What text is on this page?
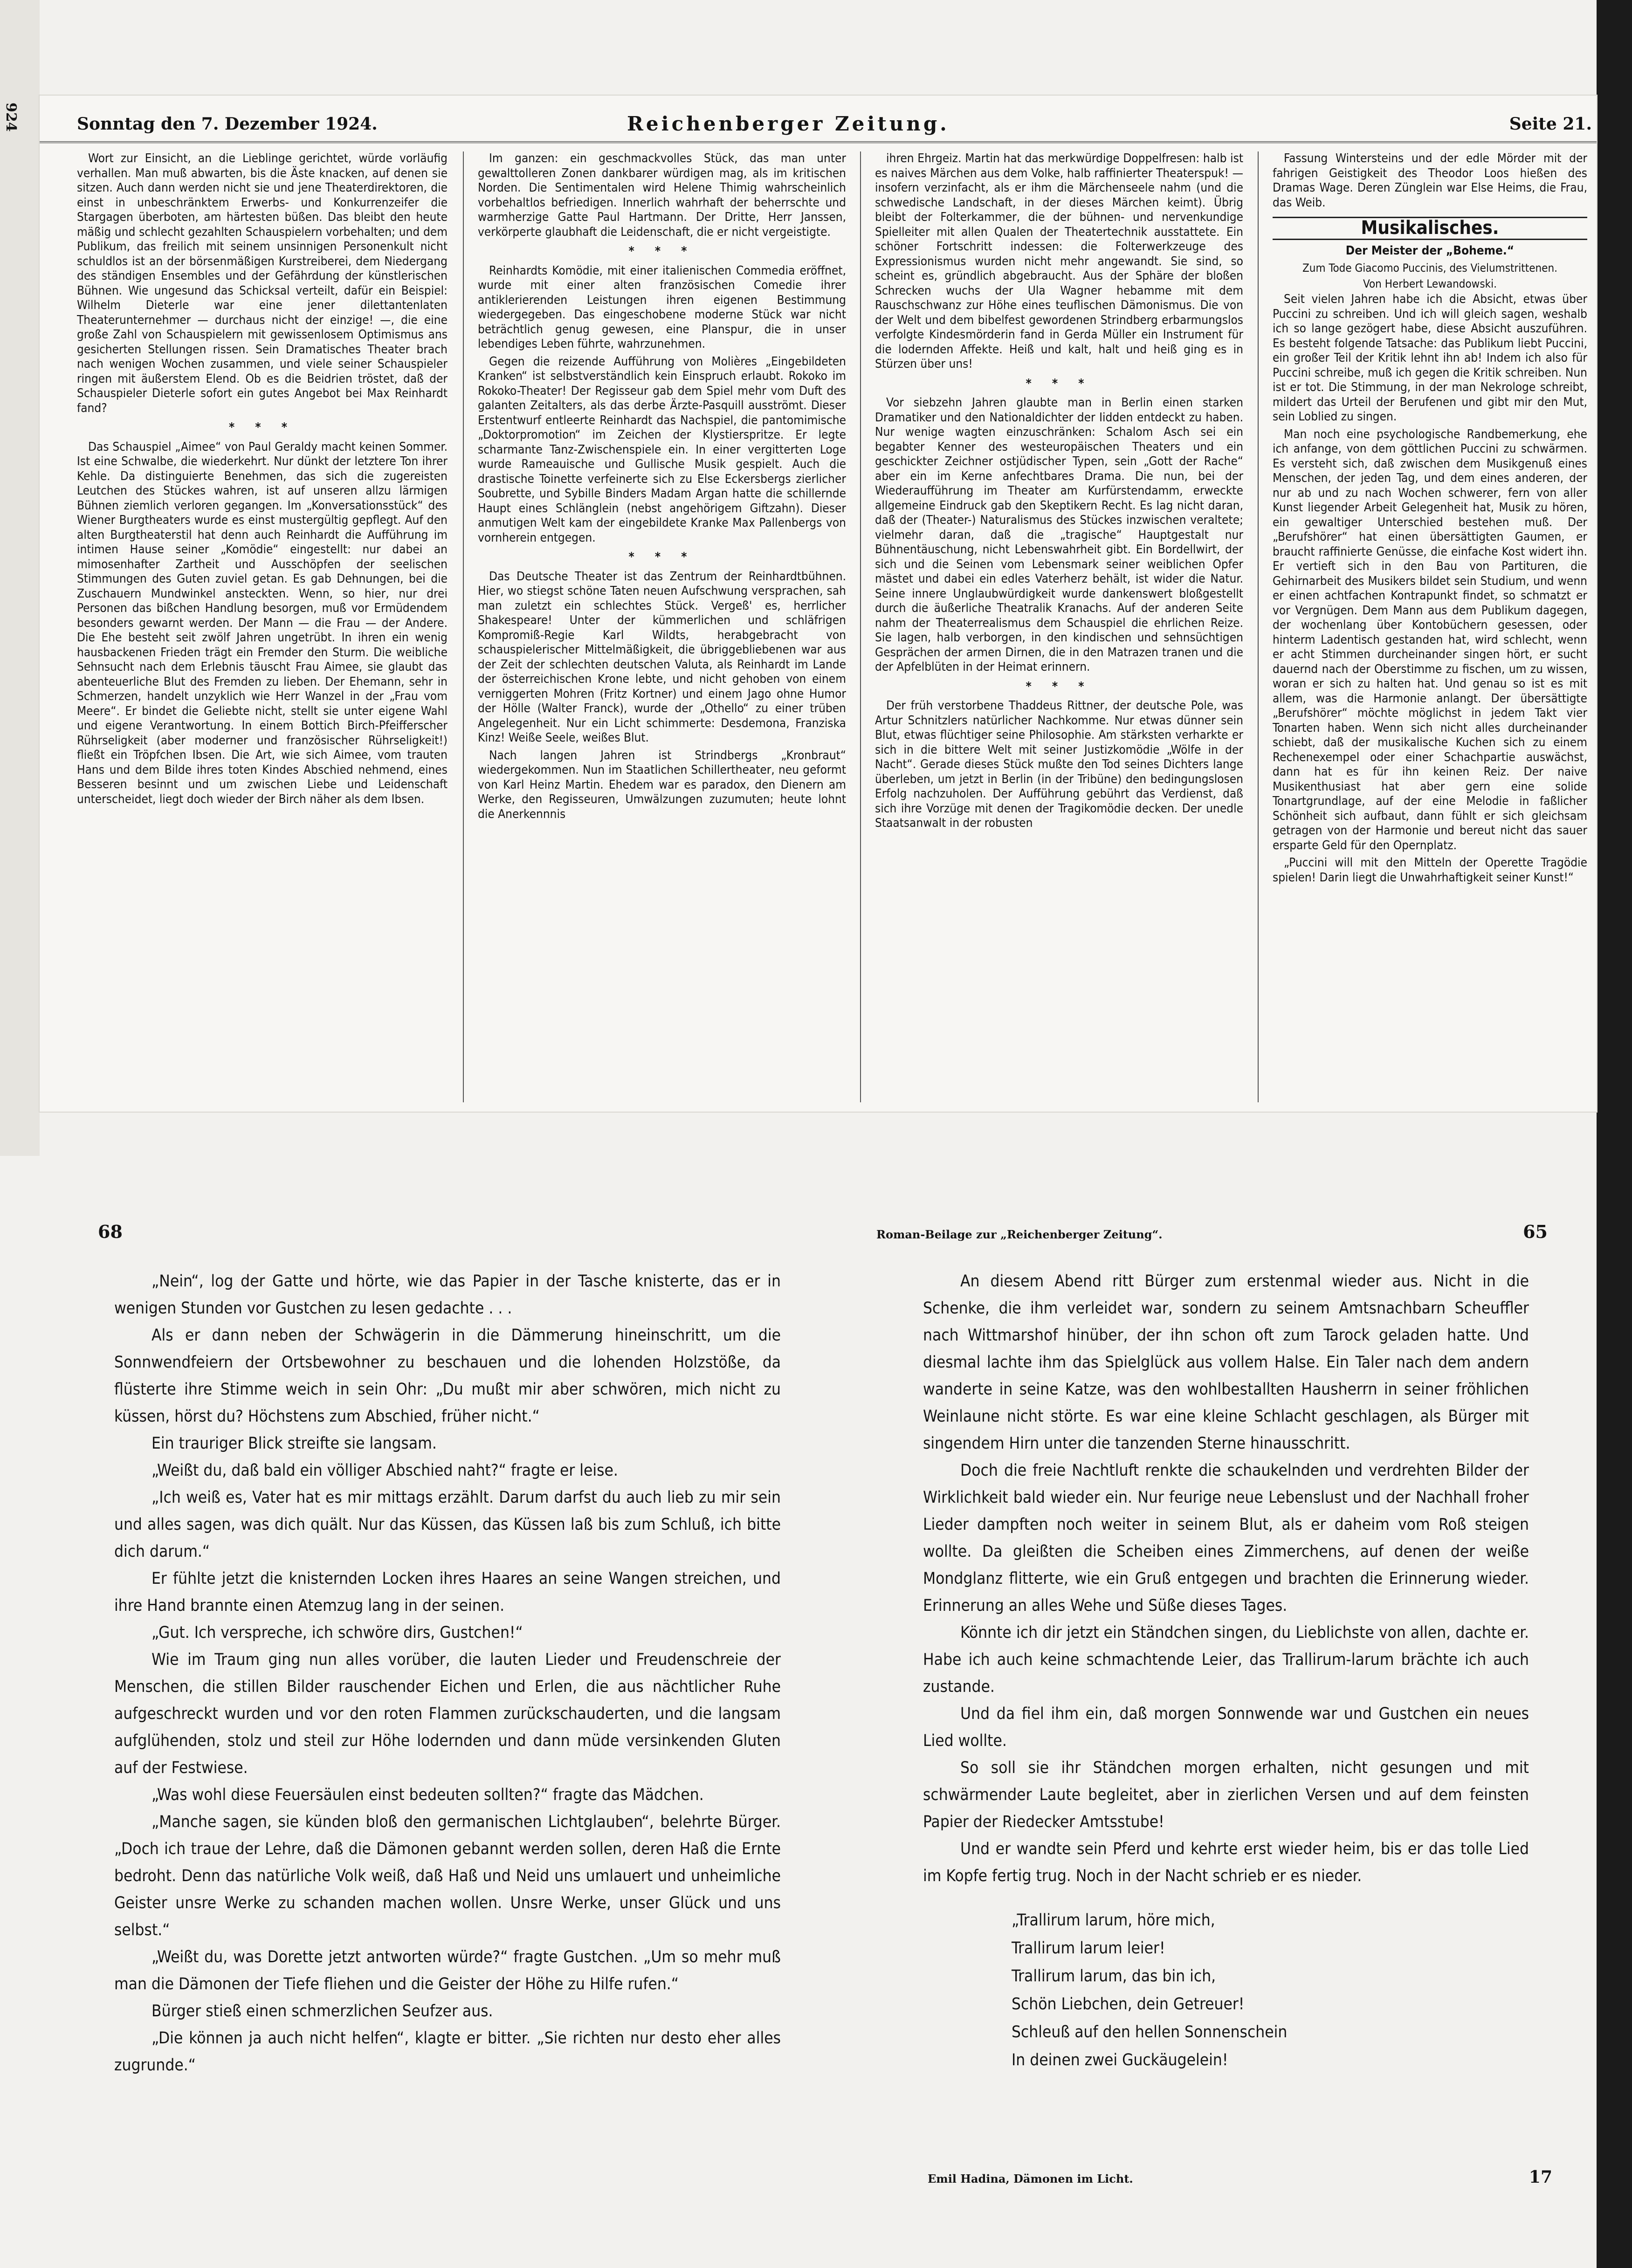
924	Sonntag den 7. Dezember 1924.	Reichenberger Zeitung.	Seite 21.

Wort zur Einsicht, an die Lieblinge gerichtet, würde vorläufig verhallen. Man muß abwarten, bis die Äste knacken, auf denen sie sitzen. Auch dann werden nicht sie und jene Theaterdirektoren, die einst in unbeschränktem Erwerbs- und Konkurrenzeifer die Stargagen überboten, am härtesten büßen. Das bleibt den heute mäßig und schlecht gezahlten Schauspielern vorbehalten; und dem Publikum, das freilich mit seinem unsinnigen Personenkult nicht schuldlos ist an der börsenmäßigen Kurstreiberei, dem Niedergang des ständigen Ensembles und der Gefährdung der künstlerischen Bühnen. Wie ungesund das Schicksal verteilt, dafür ein Beispiel: Wilhelm Dieterle war eine jener dilettantenlaten Theaterunternehmer — durchaus nicht der einzige! —, die eine große Zahl von Schauspielern mit gewissenlosem Optimismus ans gesicherten Stellungen rissen. Sein Dramatisches Theater brach nach wenigen Wochen zusammen, und viele seiner Schauspieler ringen mit äußerstem Elend. Ob es die Beidrien tröstet, daß der Schauspieler Dieterle sofort ein gutes Angebot bei Max Reinhardt fand?

* * *

Das Schauspiel „Aimee“ von Paul Geraldy macht keinen Sommer. Ist eine Schwalbe, die wiederkehrt. Nur dünkt der letztere Ton ihrer Kehle. Da distinguierte Benehmen, das sich die zugereisten Leutchen des Stückes wahren, ist auf unseren allzu lärmigen Bühnen ziemlich verloren gegangen. Im „Konversationsstück“ des Wiener Burgtheaters wurde es einst mustergültig gepflegt. Auf den alten Burgtheaterstil hat denn auch Reinhardt die Aufführung im intimen Hause seiner „Komödie“ eingestellt: nur dabei an mimosenhafter Zartheit und Ausschöpfen der seelischen Stimmungen des Guten zuviel getan. Es gab Dehnungen, bei die Zuschauern Mundwinkel ansteckten. Wenn, so hier, nur drei Personen das bißchen Handlung besorgen, muß vor Ermüdendem besonders gewarnt werden. Der Mann — die Frau — der Andere. Die Ehe besteht seit zwölf Jahren ungetrübt. In ihren ein wenig hausbackenen Frieden trägt ein Fremder den Sturm. Die weibliche Sehnsucht nach dem Erlebnis täuscht Frau Aimee, sie glaubt das abenteuerliche Blut des Fremden zu lieben. Der Ehemann, sehr in Schmerzen, handelt unzyklich wie Herr Wanzel in der „Frau vom Meere“. Er bindet die Geliebte nicht, stellt sie unter eigene Wahl und eigene Verantwortung. In einem Bottich Birch-Pfeifferscher Rührseligkeit (aber moderner und französischer Rührseligkeit!) fließt ein Tröpfchen Ibsen. Die Art, wie sich Aimee, vom trauten Hans und dem Bilde ihres toten Kindes Abschied nehmend, eines Besseren besinnt und um zwischen Liebe und Leidenschaft unterscheidet, liegt doch wieder der Birch näher als dem Ibsen.

Im ganzen: ein geschmackvolles Stück, das man unter gewalttolleren Zonen dankbarer würdigen mag, als im kritischen Norden. Die Sentimentalen wird Helene Thimig wahrscheinlich vorbehaltlos befriedigen. Innerlich wahrhaft der beherrschte und warmherzige Gatte Paul Hartmann. Der Dritte, Herr Janssen, verkörperte glaubhaft die Leidenschaft, die er nicht vergeistigte.

* * *

Reinhardts Komödie, mit einer italienischen Commedia eröffnet, wurde mit einer alten französischen Comedie ihrer antiklerierenden Leistungen ihren eigenen Bestimmung wiedergegeben. Das eingeschobene moderne Stück war nicht beträchtlich genug gewesen, eine Planspur, die in unser lebendiges Leben führte, wahrzunehmen.

Gegen die reizende Aufführung von Molières „Eingebildeten Kranken“ ist selbstverständlich kein Einspruch erlaubt. Rokoko im Rokoko-Theater! Der Regisseur gab dem Spiel mehr vom Duft des galanten Zeitalters, als das derbe Ärzte-Pasquill ausströmt. Dieser Erstentwurf entleerte Reinhardt das Nachspiel, die pantomimische „Doktorpromotion“ im Zeichen der Klystierspritze. Er legte scharmante Tanz-Zwischenspiele ein. In einer vergitterten Loge wurde Rameauische und Gullische Musik gespielt. Auch die drastische Toinette verfeinerte sich zu Else Eckersbergs zierlicher Soubrette, und Sybille Binders Madam Argan hatte die schillernde Haupt eines Schlänglein (nebst angehörigem Giftzahn). Dieser anmutigen Welt kam der eingebildete Kranke Max Pallenbergs von vornherein entgegen.

* * *

Das Deutsche Theater ist das Zentrum der Reinhardtbühnen. Hier, wo stiegst schöne Taten neuen Aufschwung versprachen, sah man zuletzt ein schlechtes Stück. Vergeß' es, herrlicher Shakespeare! Unter der kümmerlichen und schläfrigen Kompromiß-Regie Karl Wildts, herabgebracht von schauspielerischer Mittelmäßigkeit, die übriggebliebenen war aus der Zeit der schlechten deutschen Valuta, als Reinhardt im Lande der österreichischen Krone lebte, und nicht gehoben von einem verniggerten Mohren (Fritz Kortner) und einem Jago ohne Humor der Hölle (Walter Franck), wurde der „Othello“ zu einer trüben Angelegenheit. Nur ein Licht schimmerte: Desdemona, Franziska Kinz! Weiße Seele, weißes Blut.

Nach langen Jahren ist Strindbergs „Kronbraut“ wiedergekommen. Nun im Staatlichen Schillertheater, neu geformt von Karl Heinz Martin. Ehedem war es paradox, den Dienern am Werke, den Regisseuren, Umwälzungen zuzumuten; heute lohnt die Anerkennnis

ihren Ehrgeiz. Martin hat das merkwürdige Doppelfresen: halb ist es naives Märchen aus dem Volke, halb raffinierter Theaterspuk! — insofern verzinfacht, als er ihm die Märchenseele nahm (und die schwedische Landschaft, in der dieses Märchen keimt). Übrig bleibt der Folterkammer, die der bühnen- und nervenkundige Spielleiter mit allen Qualen der Theatertechnik ausstattete. Ein schöner Fortschritt indessen: die Folterwerkzeuge des Expressionismus wurden nicht mehr angewandt. Sie sind, so scheint es, gründlich abgebraucht. Aus der Sphäre der bloßen Schrecken wuchs der Ula Wagner hebamme mit dem Rauschschwanz zur Höhe eines teuflischen Dämonismus. Die von der Welt und dem bibelfest gewordenen Strindberg erbarmungslos verfolgte Kindesmörderin fand in Gerda Müller ein Instrument für die lodernden Affekte. Heiß und kalt, halt und heiß ging es in Stürzen über uns!

* * *

Vor siebzehn Jahren glaubte man in Berlin einen starken Dramatiker und den Nationaldichter der Iidden entdeckt zu haben. Nur wenige wagten einzuschränken: Schalom Asch sei ein begabter Kenner des westeuropäischen Theaters und ein geschickter Zeichner ostjüdischer Typen, sein „Gott der Rache“ aber ein im Kerne anfechtbares Drama. Die nun, bei der Wiederaufführung im Theater am Kurfürstendamm, erweckte allgemeine Eindruck gab den Skeptikern Recht. Es lag nicht daran, daß der (Theater-) Naturalismus des Stückes inzwischen veraltete; vielmehr daran, daß die „tragische“ Hauptgestalt nur Bühnentäuschung, nicht Lebenswahrheit gibt. Ein Bordellwirt, der sich und die Seinen vom Lebensmark seiner weiblichen Opfer mästet und dabei ein edles Vaterherz behält, ist wider die Natur. Seine innere Unglaubwürdigkeit wurde dankenswert bloßgestellt durch die äußerliche Theatralik Kranachs. Auf der anderen Seite nahm der Theaterrealismus dem Schauspiel die ehrlichen Reize. Sie lagen, halb verborgen, in den kindischen und sehnsüchtigen Gesprächen der armen Dirnen, die in den Matrazen tranen und die der Apfelblüten in der Heimat erinnern.

* * *

Der früh verstorbene Thaddeus Rittner, der deutsche Pole, was Artur Schnitzlers natürlicher Nachkomme. Nur etwas dünner sein Blut, etwas flüchtiger seine Philosophie. Am stärksten verharkte er sich in die bittere Welt mit seiner Justizkomödie „Wölfe in der Nacht“. Gerade dieses Stück mußte den Tod seines Dichters lange überleben, um jetzt in Berlin (in der Tribüne) den bedingungslosen Erfolg nachzuholen. Der Aufführung gebührt das Verdienst, daß sich ihre Vorzüge mit denen der Tragikomödie decken. Der unedle Staatsanwalt in der robusten

Fassung Wintersteins und der edle Mörder mit der fahrigen Geistigkeit des Theodor Loos hießen des Dramas Wage. Deren Zünglein war Else Heims, die Frau, das Weib.

Musikalisches.
Der Meister der „Boheme.“
Zum Tode Giacomo Puccinis, des Vielumstrittenen.
Von Herbert Lewandowski.

Seit vielen Jahren habe ich die Absicht, etwas über Puccini zu schreiben. Und ich will gleich sagen, weshalb ich so lange gezögert habe, diese Absicht auszuführen. Es besteht folgende Tatsache: das Publikum liebt Puccini, ein großer Teil der Kritik lehnt ihn ab! Indem ich also für Puccini schreibe, muß ich gegen die Kritik schreiben. Nun ist er tot. Die Stimmung, in der man Nekrologe schreibt, mildert das Urteil der Berufenen und gibt mir den Mut, sein Loblied zu singen.

Man noch eine psychologische Randbemerkung, ehe ich anfange, von dem göttlichen Puccini zu schwärmen. Es versteht sich, daß zwischen dem Musikgenuß eines Menschen, der jeden Tag, und dem eines anderen, der nur ab und zu nach Wochen schwerer, fern von aller Kunst liegender Arbeit Gelegenheit hat, Musik zu hören, ein gewaltiger Unterschied bestehen muß. Der „Berufshörer“ hat einen übersättigten Gaumen, er braucht raffinierte Genüsse, die einfache Kost widert ihn. Er vertieft sich in den Bau von Partituren, die Gehirnarbeit des Musikers bildet sein Studium, und wenn er einen achtfachen Kontrapunkt findet, so schmatzt er vor Vergnügen. Dem Mann aus dem Publikum dagegen, der wochenlang über Kontobüchern gesessen, oder hinterm Ladentisch gestanden hat, wird schlecht, wenn er acht Stimmen durcheinander singen hört, er sucht dauernd nach der Oberstimme zu fischen, um zu wissen, woran er sich zu halten hat. Und genau so ist es mit allem, was die Harmonie anlangt. Der übersättigte „Berufshörer“ möchte möglichst in jedem Takt vier Tonarten haben. Wenn sich nicht alles durcheinander schiebt, daß der musikalische Kuchen sich zu einem Rechenexempel oder einer Schachpartie auswächst, dann hat es für ihn keinen Reiz. Der naive Musikenthusiast hat aber gern eine solide Tonartgrundlage, auf der eine Melodie in faßlicher Schönheit sich aufbaut, dann fühlt er sich gleichsam getragen von der Harmonie und bereut nicht das sauer ersparte Geld für den Opernplatz.

„Puccini will mit den Mitteln der Operette Tragödie spielen! Darin liegt die Unwahrhaftigkeit seiner Kunst!“

68	Roman-Beilage zur „Reichenberger Zeitung“.	65

„Nein“, log der Gatte und hörte, wie das Papier in der Tasche knisterte, das er in wenigen Stunden vor Gustchen zu lesen gedachte . . .

Als er dann neben der Schwägerin in die Dämmerung hineinschritt, um die Sonnwendfeiern der Ortsbewohner zu beschauen und die lohenden Holzstöße, da flüsterte ihre Stimme weich in sein Ohr: „Du mußt mir aber schwören, mich nicht zu küssen, hörst du? Höchstens zum Abschied, früher nicht.“

Ein trauriger Blick streifte sie langsam.

„Weißt du, daß bald ein völliger Abschied naht?“ fragte er leise.

„Ich weiß es, Vater hat es mir mittags erzählt. Darum darfst du auch lieb zu mir sein und alles sagen, was dich quält. Nur das Küssen, das Küssen laß bis zum Schluß, ich bitte dich darum.“

Er fühlte jetzt die knisternden Locken ihres Haares an seine Wangen streichen, und ihre Hand brannte einen Atemzug lang in der seinen.

„Gut. Ich verspreche, ich schwöre dirs, Gustchen!“

Wie im Traum ging nun alles vorüber, die lauten Lieder und Freudenschreie der Menschen, die stillen Bilder rauschender Eichen und Erlen, die aus nächtlicher Ruhe aufgeschreckt wurden und vor den roten Flammen zurückschauderten, und die langsam aufglühenden, stolz und steil zur Höhe lodernden und dann müde versinkenden Gluten auf der Festwiese.

„Was wohl diese Feuersäulen einst bedeuten sollten?“ fragte das Mädchen.

„Manche sagen, sie künden bloß den germanischen Lichtglauben“, belehrte Bürger. „Doch ich traue der Lehre, daß die Dämonen gebannt werden sollen, deren Haß die Ernte bedroht. Denn das natürliche Volk weiß, daß Haß und Neid uns umlauert und unheimliche Geister unsre Werke zu schanden machen wollen. Unsre Werke, unser Glück und uns selbst.“

„Weißt du, was Dorette jetzt antworten würde?“ fragte Gustchen. „Um so mehr muß man die Dämonen der Tiefe fliehen und die Geister der Höhe zu Hilfe rufen.“

Bürger stieß einen schmerzlichen Seufzer aus.

„Die können ja auch nicht helfen“, klagte er bitter. „Sie richten nur desto eher alles zugrunde.“

An diesem Abend ritt Bürger zum erstenmal wieder aus. Nicht in die Schenke, die ihm verleidet war, sondern zu seinem Amtsnachbarn Scheuffler nach Wittmarshof hinüber, der ihn schon oft zum Tarock geladen hatte. Und diesmal lachte ihm das Spielglück aus vollem Halse. Ein Taler nach dem andern wanderte in seine Katze, was den wohlbestallten Hausherrn in seiner fröhlichen Weinlaune nicht störte. Es war eine kleine Schlacht geschlagen, als Bürger mit singendem Hirn unter die tanzenden Sterne hinausschritt.

Doch die freie Nachtluft renkte die schaukelnden und verdrehten Bilder der Wirklichkeit bald wieder ein. Nur feurige neue Lebenslust und der Nachhall froher Lieder dampften noch weiter in seinem Blut, als er daheim vom Roß steigen wollte. Da gleißten die Scheiben eines Zimmerchens, auf denen der weiße Mondglanz flitterte, wie ein Gruß entgegen und brachten die Erinnerung wieder. Erinnerung an alles Wehe und Süße dieses Tages.

Könnte ich dir jetzt ein Ständchen singen, du Lieblichste von allen, dachte er. Habe ich auch keine schmachtende Leier, das Trallirum-larum brächte ich auch zustande.

Und da fiel ihm ein, daß morgen Sonnwende war und Gustchen ein neues Lied wollte.

So soll sie ihr Ständchen morgen erhalten, nicht gesungen und mit schwärmender Laute begleitet, aber in zierlichen Versen und auf dem feinsten Papier der Riedecker Amtsstube!

Und er wandte sein Pferd und kehrte erst wieder heim, bis er das tolle Lied im Kopfe fertig trug. Noch in der Nacht schrieb er es nieder.

„Trallirum larum, höre mich,
Trallirum larum leier!
Trallirum larum, das bin ich,
Schön Liebchen, dein Getreuer!
Schleuß auf den hellen Sonnenschein
In deinen zwei Guckäugelein!
Emil Hadina, Dämonen im Licht.	17
